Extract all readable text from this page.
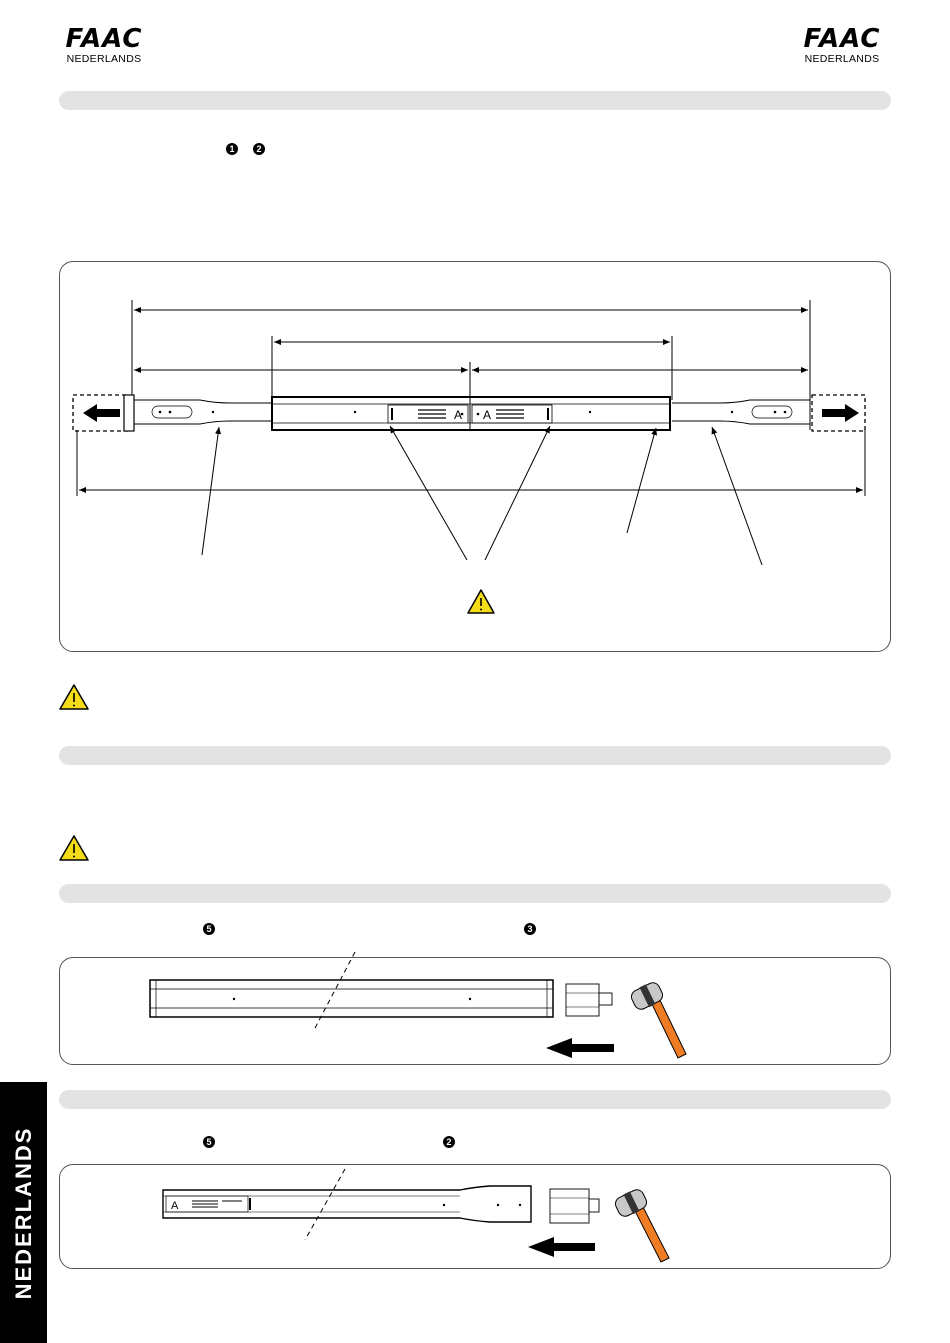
FAAC
NEDERLANDS
FAAC
NEDERLANDS
1	2
5	3
5	2
A A
A
NEDERLANDS
